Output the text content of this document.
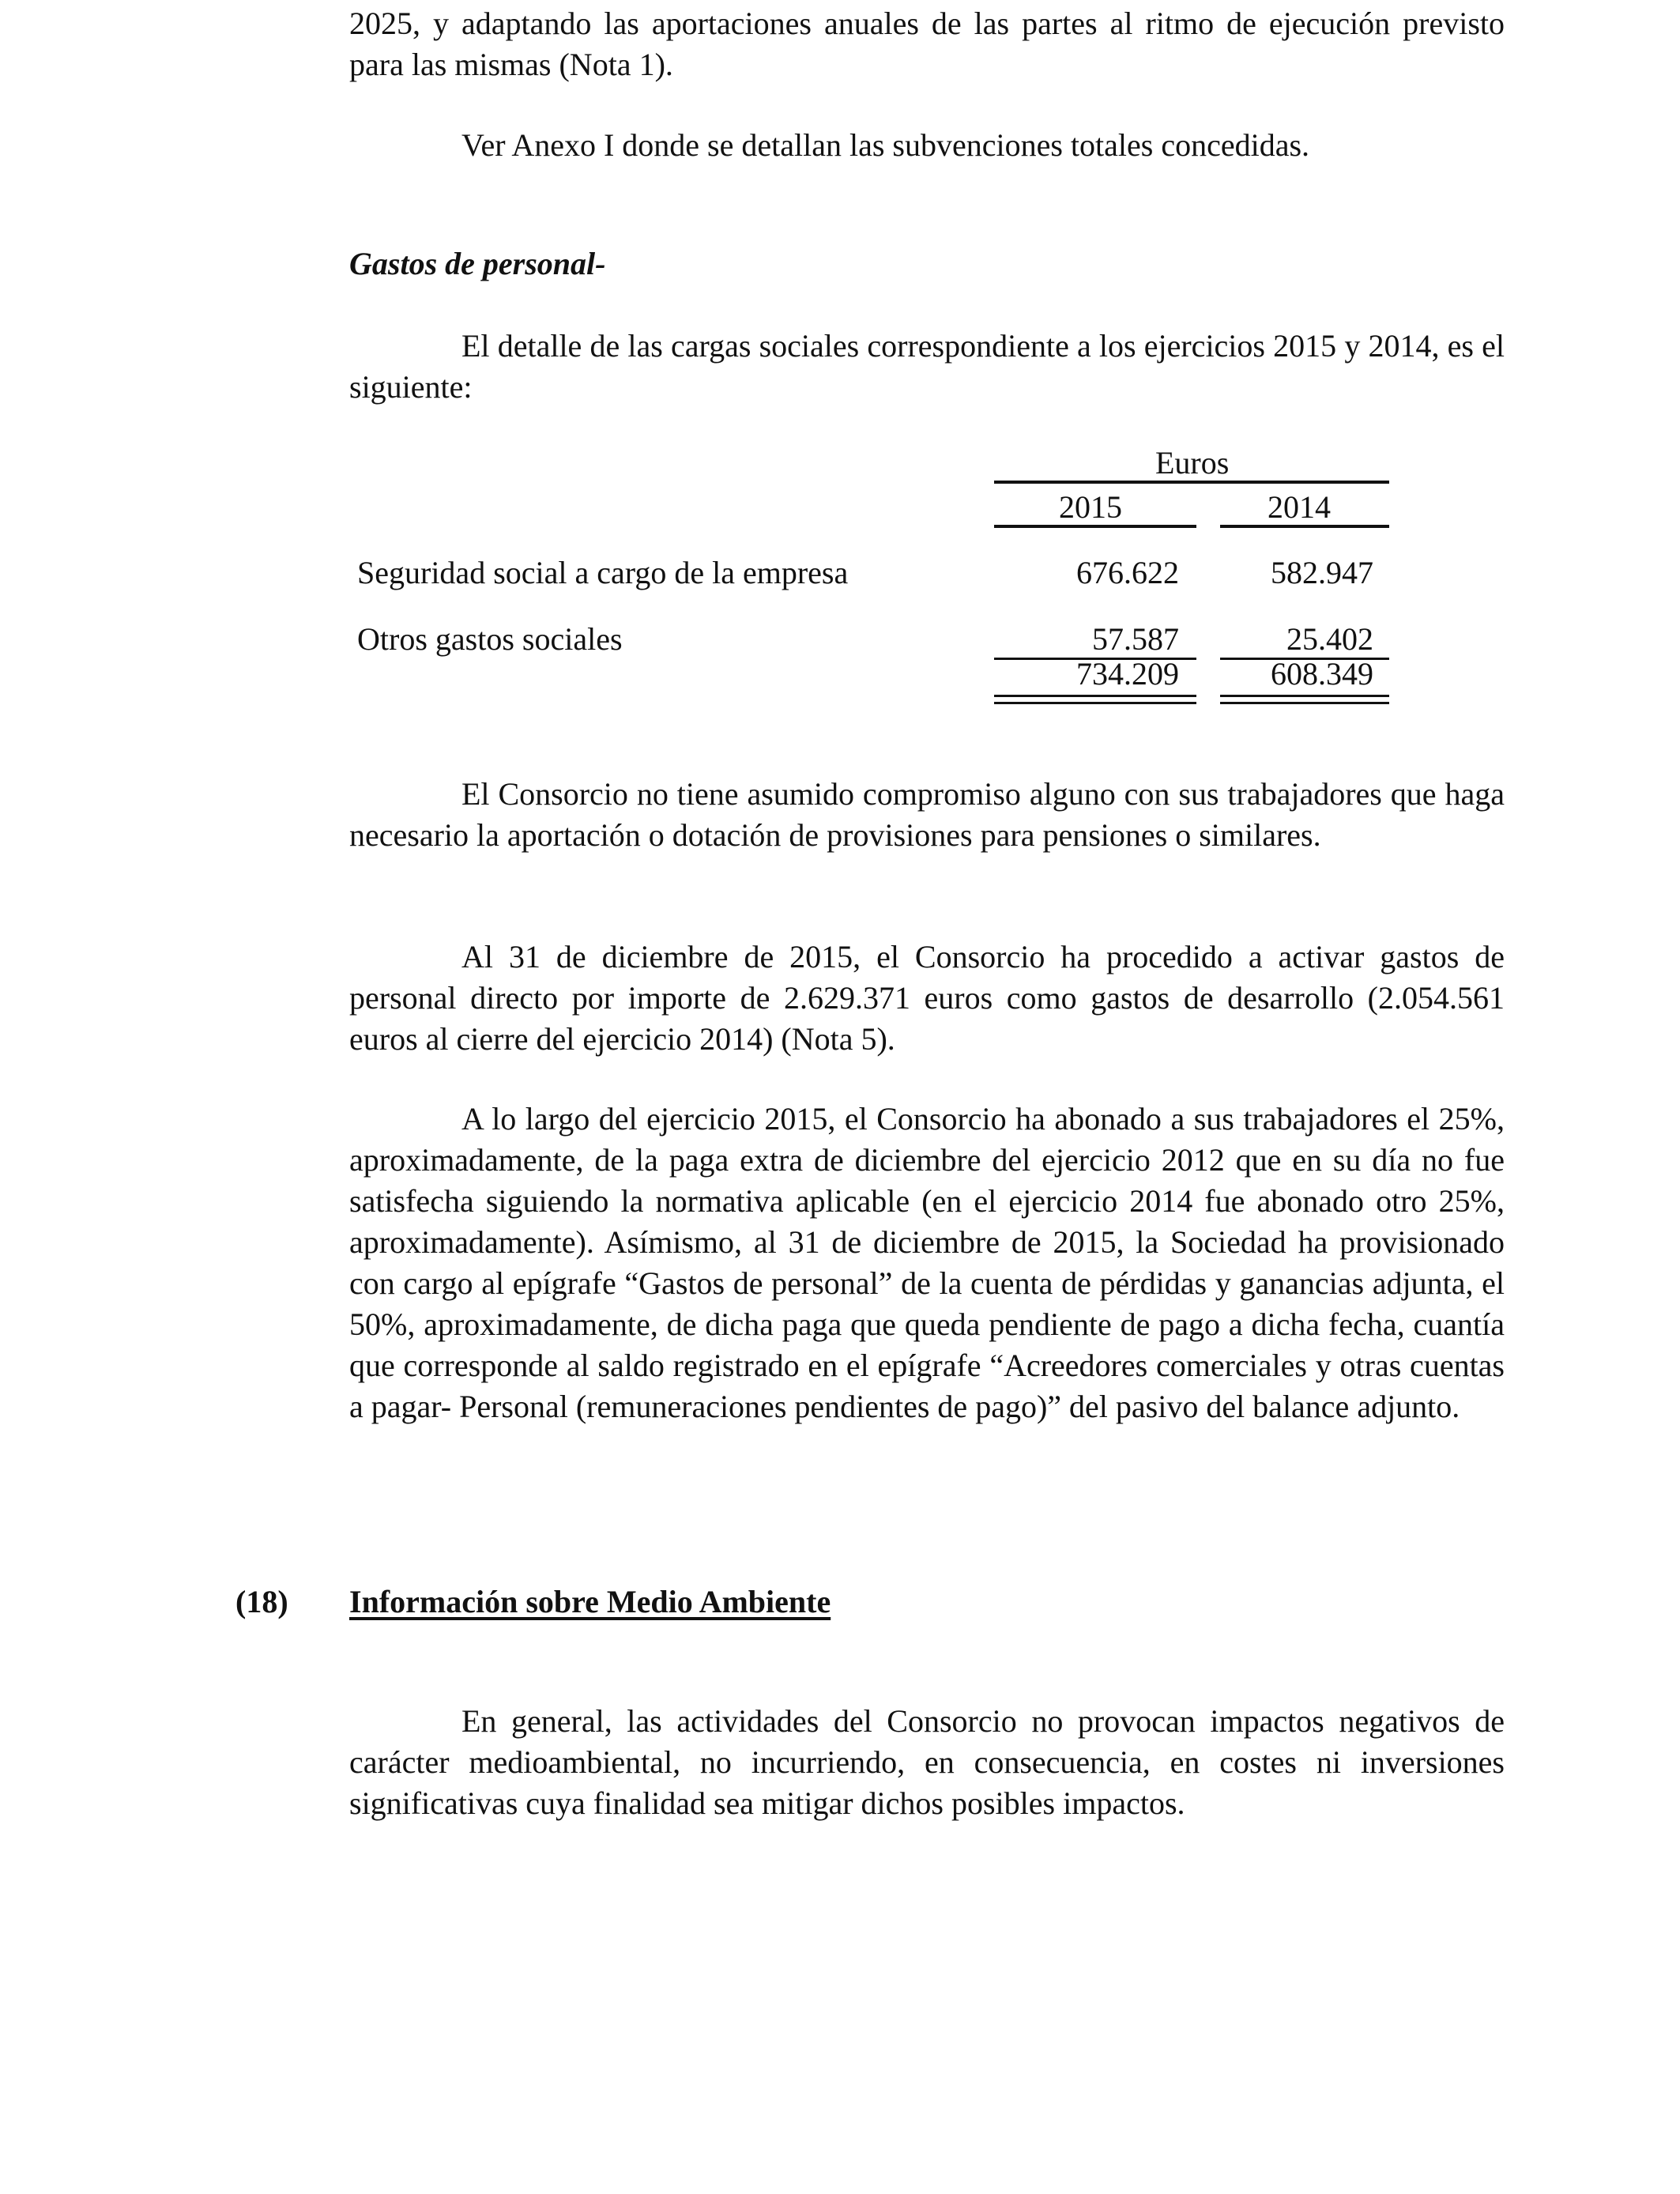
2025, y adaptando las aportaciones anuales de las partes al ritmo de ejecución previsto para las mismas (Nota 1).

Ver Anexo I donde se detallan las subvenciones totales concedidas.

Gastos de personal-

El detalle de las cargas sociales correspondiente a los ejercicios 2015 y 2014, es el siguiente:

Euros
2015	2014
Seguridad social a cargo de la empresa	676.622	582.947
Otros gastos sociales	57.587	25.402
734.209	608.349

El Consorcio no tiene asumido compromiso alguno con sus trabajadores que haga necesario la aportación o dotación de provisiones para pensiones o similares.

Al 31 de diciembre de 2015, el Consorcio ha procedido a activar gastos de personal directo por importe de 2.629.371 euros como gastos de desarrollo (2.054.561 euros al cierre del ejercicio 2014) (Nota 5).

A lo largo del ejercicio 2015, el Consorcio ha abonado a sus trabajadores el 25%, aproximadamente, de la paga extra de diciembre del ejercicio 2012 que en su día no fue satisfecha siguiendo la normativa aplicable (en el ejercicio 2014 fue abonado otro 25%, aproximadamente). Asímismo, al 31 de diciembre de 2015, la Sociedad ha provisionado con cargo al epígrafe “Gastos de personal” de la cuenta de pérdidas y ganancias adjunta, el 50%, aproximadamente, de dicha paga que queda pendiente de pago a dicha fecha, cuantía que corresponde al saldo registrado en el epígrafe “Acreedores comerciales y otras cuentas a pagar- Personal (remuneraciones pendientes de pago)” del pasivo del balance adjunto.

(18) Información sobre Medio Ambiente

En general, las actividades del Consorcio no provocan impactos negativos de carácter medioambiental, no incurriendo, en consecuencia, en costes ni inversiones significativas cuya finalidad sea mitigar dichos posibles impactos.
